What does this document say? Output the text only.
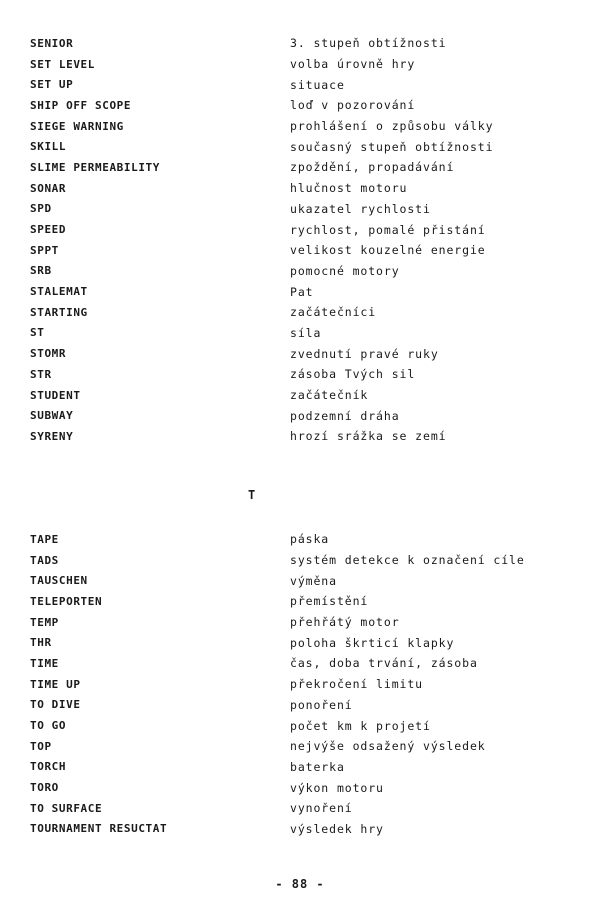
SENIOR	3. stupeň obtížnosti
SET LEVEL	volba úrovně hry
SET UP	situace
SHIP OFF SCOPE	loď v pozorování
SIEGE WARNING	prohlášení o způsobu války
SKILL	současný stupeň obtížnosti
SLIME PERMEABILITY	zpoždění, propadávání
SONAR	hlučnost motoru
SPD	ukazatel rychlosti
SPEED	rychlost, pomalé přistání
SPPT	velikost kouzelné energie
SRB	pomocné motory
STALEMAT	Pat
STARTING	začátečníci
ST	síla
STOMR	zvednutí pravé ruky
STR	zásoba Tvých sil
STUDENT	začátečník
SUBWAY	podzemní dráha
SYRENY	hrozí srážka se zemí
T
TAPE	páska
TADS	systém detekce k označení cíle
TAUSCHEN	výměna
TELEPORTEN	přemístění
TEMP	přehřátý motor
THR	poloha škrticí klapky
TIME	čas, doba trvání, zásoba
TIME UP	překročení limitu
TO DIVE	ponoření
TO GO	počet km k projetí
TOP	nejvýše odsažený výsledek
TORCH	baterka
TORO	výkon motoru
TO SURFACE	vynoření
TOURNAMENT RESUCTAT	výsledek hry
- 88 -
